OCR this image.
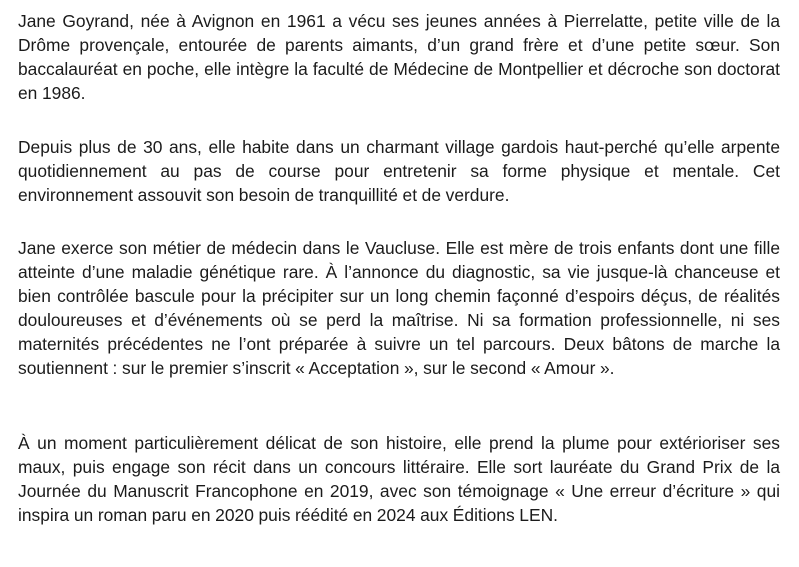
Jane Goyrand, née à Avignon en 1961 a vécu ses jeunes années à Pierrelatte, petite ville de la Drôme provençale, entourée de parents aimants, d’un grand frère et d’une petite sœur. Son baccalauréat en poche, elle intègre la faculté de Médecine de Montpellier et décroche son doctorat en 1986.

Depuis plus de 30 ans, elle habite dans un charmant village gardois haut-perché qu’elle arpente quotidiennement au pas de course pour entretenir sa forme physique et mentale. Cet environnement assouvit son besoin de tranquillité et de verdure.

Jane exerce son métier de médecin dans le Vaucluse. Elle est mère de trois enfants dont une fille atteinte d’une maladie génétique rare. À l’annonce du diagnostic, sa vie jusque-là chanceuse et bien contrôlée bascule pour la précipiter sur un long chemin façonné d’espoirs déçus, de réalités douloureuses et d’événements où se perd la maîtrise. Ni sa formation professionnelle, ni ses maternités précédentes ne l’ont préparée à suivre un tel parcours. Deux bâtons de marche la soutiennent : sur le premier s’inscrit « Acceptation », sur le second « Amour ».

À un moment particulièrement délicat de son histoire, elle prend la plume pour extérioriser ses maux, puis engage son récit dans un concours littéraire. Elle sort lauréate du Grand Prix de la Journée du Manuscrit Francophone en 2019, avec son témoignage « Une erreur d’écriture » qui inspira un roman paru en 2020 puis réédité en 2024 aux Éditions LEN.
